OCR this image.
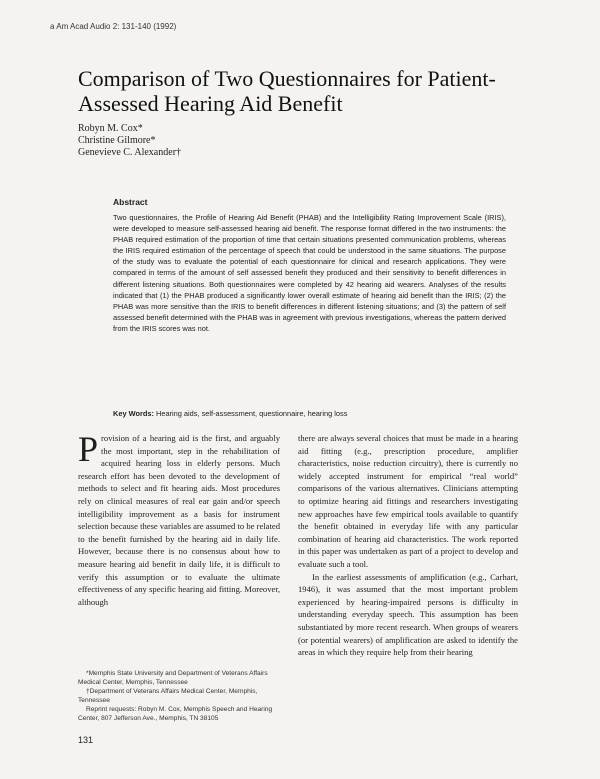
a Am Acad Audio 2: 131-140 (1992)
Comparison of Two Questionnaires for Patient-Assessed Hearing Aid Benefit
Robyn M. Cox*
Christine Gilmore*
Genevieve C. Alexander†
Abstract
Two questionnaires, the Profile of Hearing Aid Benefit (PHAB) and the Intelligibility Rating Improvement Scale (IRIS), were developed to measure self-assessed hearing aid benefit. The response format differed in the two instruments: the PHAB required estimation of the proportion of time that certain situations presented communication problems, whereas the IRIS required estimation of the percentage of speech that could be understood in the same situations. The purpose of the study was to evaluate the potential of each questionnaire for clinical and research applications. They were compared in terms of the amount of self assessed benefit they produced and their sensitivity to benefit differences in different listening situations. Both questionnaires were completed by 42 hearing aid wearers. Analyses of the results indicated that (1) the PHAB produced a significantly lower overall estimate of hearing aid benefit than the IRIS; (2) the PHAB was more sensitive than the IRIS to benefit differences in different listening situations; and (3) the pattern of self assessed benefit determined with the PHAB was in agreement with previous investigations, whereas the pattern derived from the IRIS scores was not.
Key Words: Hearing aids, self-assessment, questionnaire, hearing loss

Provision of a hearing aid is the first, and arguably the most important, step in the rehabilitation of acquired hearing loss in elderly persons. Much research effort has been devoted to the development of methods to select and fit hearing aids. Most procedures rely on clinical measures of real ear gain and/or speech intelligibility improvement as a basis for instrument selection because these variables are assumed to be related to the benefit furnished by the hearing aid in daily life. However, because there is no consensus about how to measure hearing aid benefit in daily life, it is difficult to verify this assumption or to evaluate the ultimate effectiveness of any specific hearing aid fitting. Moreover, although

there are always several choices that must be made in a hearing aid fitting (e.g., prescription procedure, amplifier characteristics, noise reduction circuitry), there is currently no widely accepted instrument for empirical “real world” comparisons of the various alternatives. Clinicians attempting to optimize hearing aid fittings and researchers investigating new approaches have few empirical tools available to quantify the benefit obtained in everyday life with any particular combination of hearing aid characteristics. The work reported in this paper was undertaken as part of a project to develop and evaluate such a tool.

In the earliest assessments of amplification (e.g., Carhart, 1946), it was assumed that the most important problem experienced by hearing-impaired persons is difficulty in understanding everyday speech. This assumption has been substantiated by more recent research. When groups of wearers (or potential wearers) of amplification are asked to identify the areas in which they require help from their hearing

*Memphis State University and Department of Veterans Affairs Medical Center, Memphis, Tennessee

†Department of Veterans Affairs Medical Center, Memphis, Tennessee

Reprint requests: Robyn M. Cox, Memphis Speech and Hearing Center, 807 Jefferson Ave., Memphis, TN 38105

131
